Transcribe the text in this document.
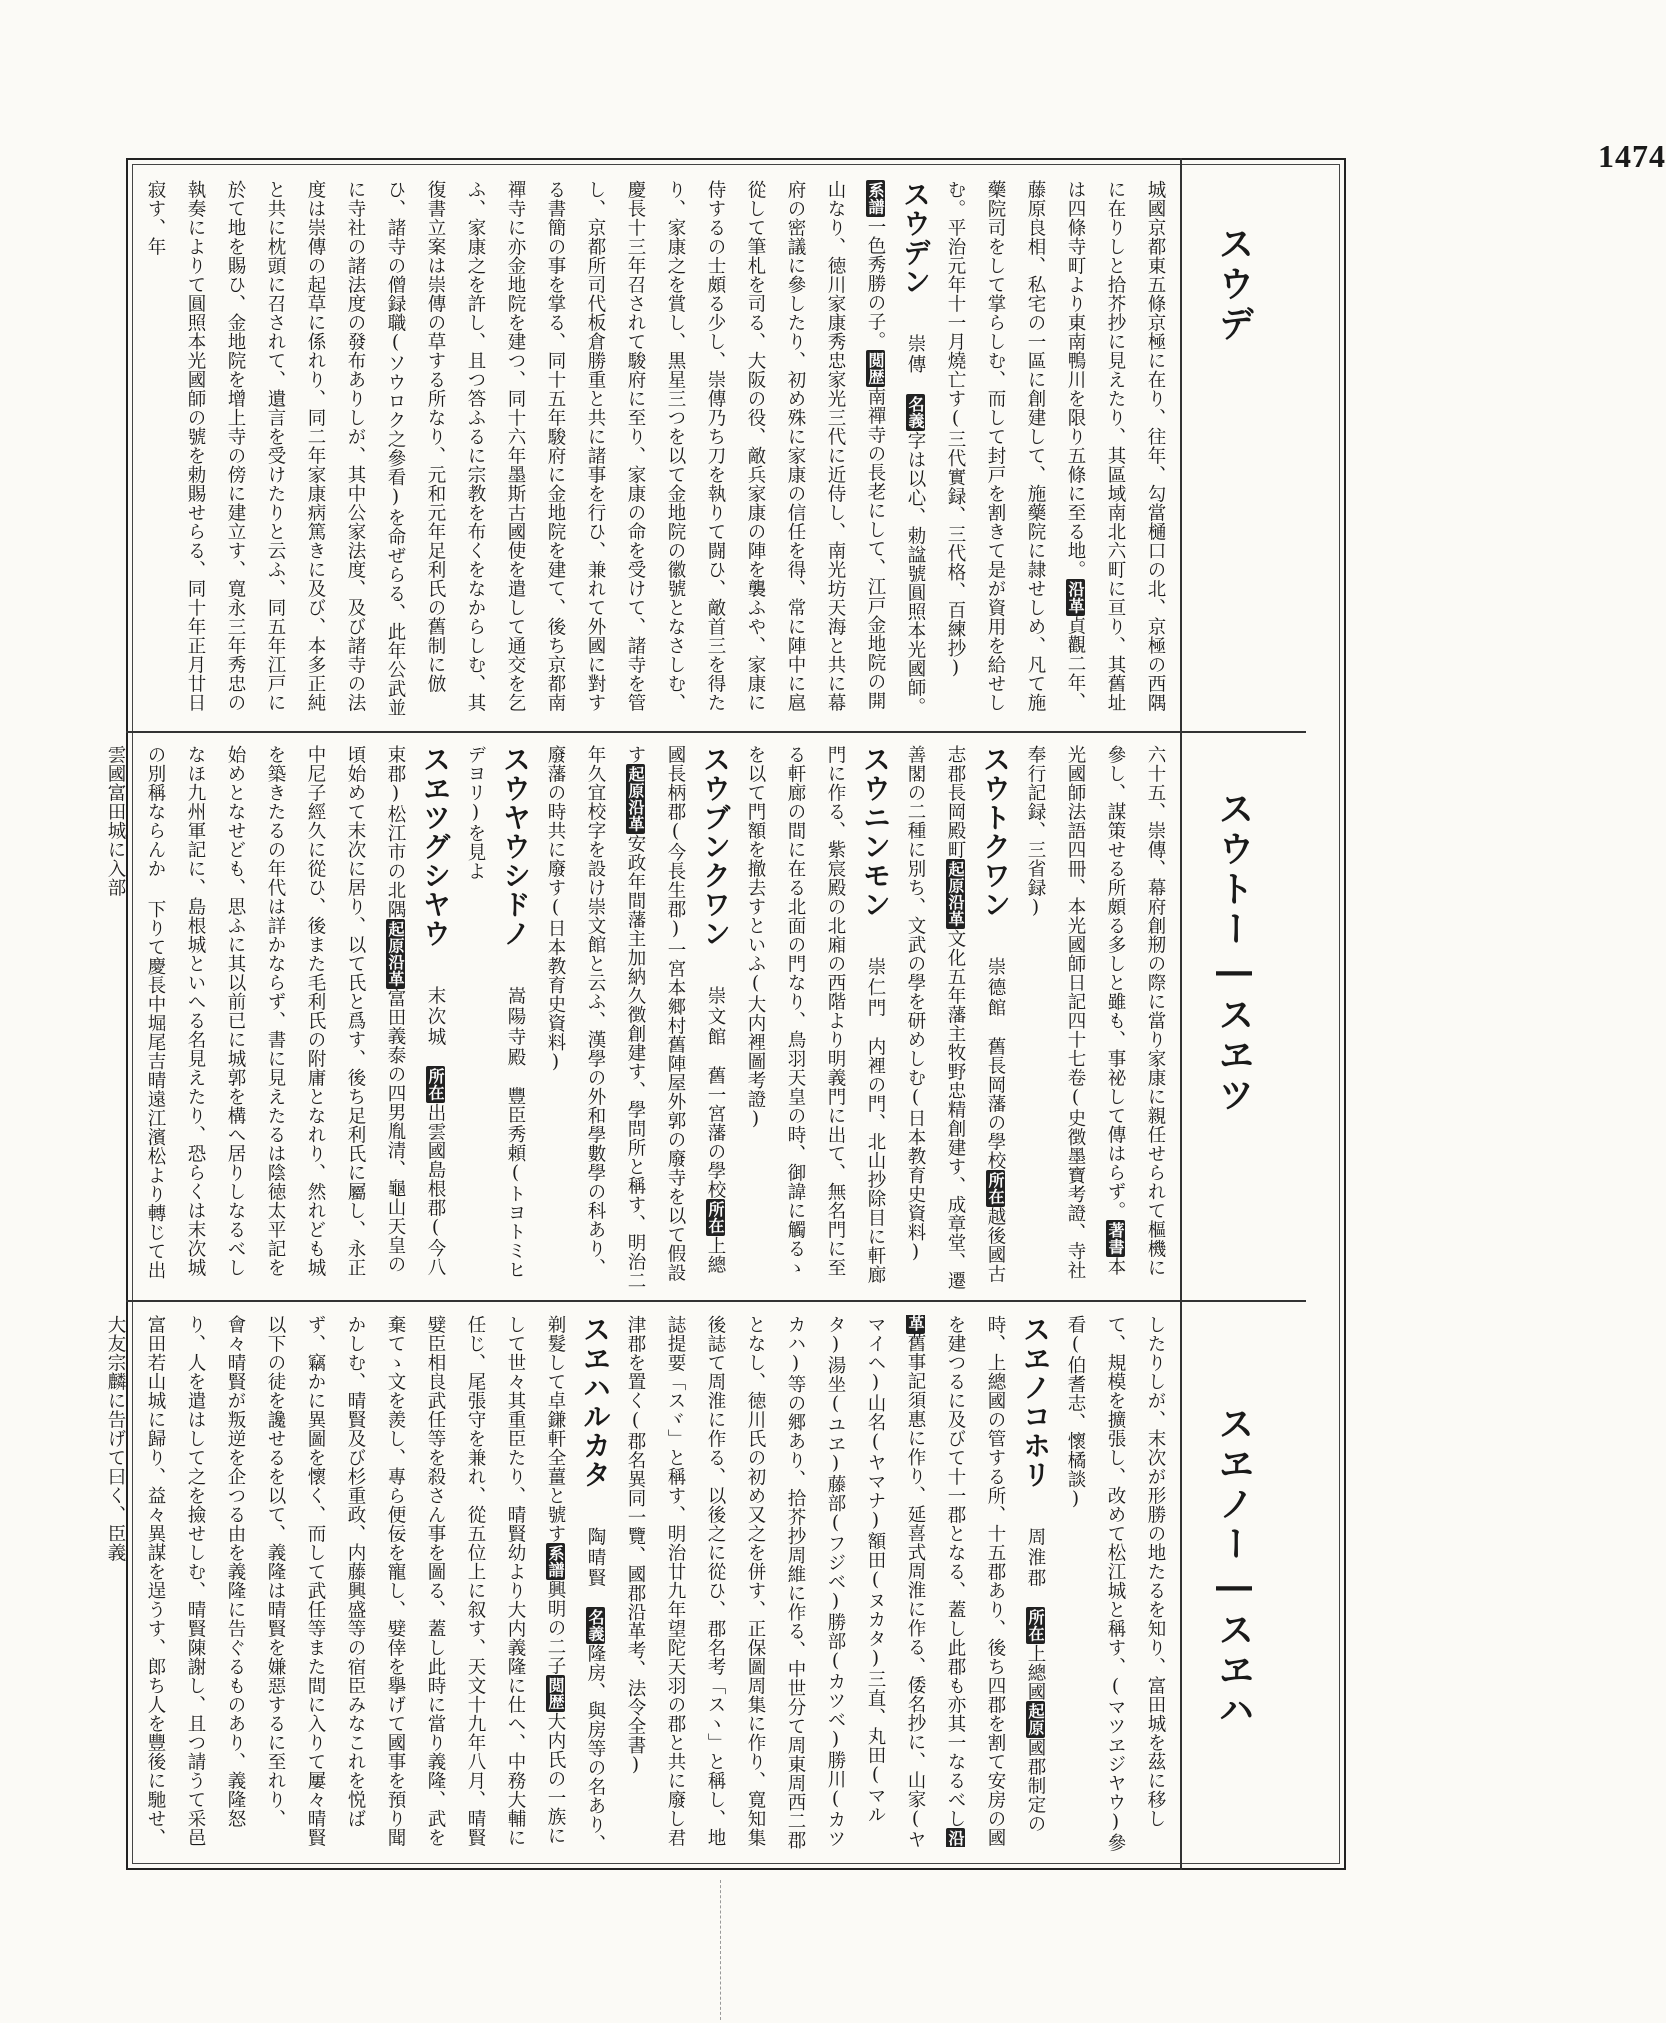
1474
スウデ
スウトー―スヱツ
スヱノー―スヱハ

城國京都東五條京極に在り、往年、勾當樋口の北、京極の西隅に在りしと拾芥抄に見えたり、其區域南北六町に亘り、其舊址は四條寺町より東南鴨川を限り五條に至る地。沿革貞觀二年、藤原良相、私宅の一區に創建して、施藥院に隷せしめ、凡て施藥院司をして掌らしむ、而して封戸を割きて是が資用を給せしむ。平治元年十一月燒亡す(三代實録、三代格、百練抄)

スウデン　崇傳　名義字は以心、勅諡號圓照本光國師。系譜一色秀勝の子。閲歴南禪寺の長老にして、江戸金地院の開山なり、徳川家康秀忠家光三代に近侍し、南光坊天海と共に幕府の密議に參したり、初め殊に家康の信任を得、常に陣中に扈從して筆札を司る、大阪の役、敵兵家康の陣を襲ふや、家康に侍するの士頗る少し、崇傳乃ち刀を執りて闘ひ、敵首三を得たり、家康之を賞し、黒星三つを以て金地院の徽號となさしむ、慶長十三年召されて駿府に至り、家康の命を受けて、諸寺を管し、京都所司代板倉勝重と共に諸事を行ひ、兼れて外國に對する書簡の事を掌る、同十五年駿府に金地院を建て、後ち京都南禪寺に亦金地院を建つ、同十六年墨斯古國使を遣して通交を乞ふ、家康之を許し、且つ答ふるに宗教を布くをなからしむ、其復書立案は崇傳の草する所なり、元和元年足利氏の舊制に倣ひ、諸寺の僧録職(ソウロク之參看)を命ぜらる、此年公武並に寺社の諸法度の發布ありしが、其中公家法度、及び諸寺の法度は崇傳の起草に係れり、同二年家康病篤きに及び、本多正純と共に枕頭に召されて、遺言を受けたりと云ふ、同五年江戸に於て地を賜ひ、金地院を增上寺の傍に建立す、寛永三年秀忠の執奏によりて圓照本光國師の號を勅賜せらる、同十年正月廿日寂す、年

六十五、崇傳、幕府創剏の際に當り家康に親任せられて樞機に參し、謀策せる所頗る多しと雖も、事祕して傳はらず。著書本光國師法語四冊、本光國師日記四十七卷(史徴墨寶考證、寺社奉行記録、三省録)

スウトクワン　崇德館　舊長岡藩の學校所在越後國古志郡長岡殿町起原沿革文化五年藩主牧野忠精創建す、成章堂、遷善閣の二種に別ち、文武の學を研めしむ(日本教育史資料)

スウニンモン　崇仁門　内裡の門、北山抄除目に軒廊門に作る、紫宸殿の北廂の西階より明義門に出て、無名門に至る軒廊の間に在る北面の門なり、鳥羽天皇の時、御諱に觸るゝを以て門額を撤去すといふ(大内裡圖考證)

スウブンクワン　崇文館　舊一宮藩の學校所在上總國長柄郡(今長生郡)一宮本郷村舊陣屋外郭の廢寺を以て假設す起原沿革安政年間藩主加納久徴創建す、學問所と稱す、明治二年久宜校字を設け崇文館と云ふ、漢學の外和學數學の科あり、廢藩の時共に廢す(日本教育史資料)

スウヤウシドノ　嵩陽寺殿　豐臣秀頼(トヨトミヒデヨリ)を見よ

スヱツグシヤウ　末次城　所在出雲國島根郡(今八束郡)松江市の北隅起原沿革富田義泰の四男胤清、龜山天皇の頃始めて末次に居り、以て氏と爲す、後ち足利氏に屬し、永正中尼子經久に從ひ、後また毛利氏の附庸となれり、然れども城を築きたるの年代は詳かならず、書に見えたるは陰徳太平記を始めとなせども、思ふに其以前已に城郭を構へ居りしなるべしなほ九州軍記に、島根城といへる名見えたり、恐らくは末次城の別稱ならんか 下りて慶長中堀尾吉晴遠江濱松より轉じて出雲國富田城に入部

したりしが、末次が形勝の地たるを知り、富田城を茲に移して、規模を擴張し、改めて松江城と稱す、(マツヱジヤウ)參看(伯耆志、懷橘談)

スヱノコホリ　周淮郡　所在上總國起原國郡制定の時、上總國の管する所、十五郡あり、後ち四郡を割て安房の國を建つるに及びて十一郡となる、蓋し此郡も亦其一なるべし沿革舊事記須惠に作り、延喜式周淮に作る、倭名抄に、山家(ヤマイヘ)山名(ヤマナ)額田(ヌカタ)三直、丸田(マルタ)湯坐(ユヱ)藤部(フジベ)勝部(カツベ)勝川(カツカハ)等の郷あり、拾芥抄周維に作る、中世分て周東周西二郡となし、徳川氏の初め又之を併す、正保圖周集に作り、寛知集後誌て周淮に作る、以後之に從ひ、郡名考「スヽ」と稱し、地誌提要「スヾ」と稱す、明治廿九年望陀天羽の郡と共に廢し君津郡を置く(郡名異同一覽、國郡沿革考、法令全書)

スヱハルカタ　陶晴賢　名義隆房、與房等の名あり、剃髮して卓鎌軒全薑と號す系譜興明の二子閲歴大内氏の一族にして世々其重臣たり、晴賢幼より大内義隆に仕へ、中務大輔に任じ、尾張守を兼れ、從五位上に叙す、天文十九年八月、晴賢嬖臣相良武任等を殺さん事を圖る、蓋し此時に當り義隆、武を棄てゝ文を羨し、專ら便佞を寵し、嬖倖を擧げて國事を預り聞かしむ、晴賢及び杉重政、内藤興盛等の宿臣みなこれを悦ばず、竊かに異圖を懷く、而して武任等また間に入りて屢々晴賢以下の徒を讒せるを以て、義隆は晴賢を嫌惡するに至れり、會々晴賢が叛逆を企つる由を義隆に告ぐるものあり、義隆怒り、人を遣はして之を撿せしむ、晴賢陳謝し、且つ請うて采邑富田若山城に歸り、益々異謀を逞うす、郎ち人を豐後に馳せ、大友宗麟に告げて曰く、臣義
